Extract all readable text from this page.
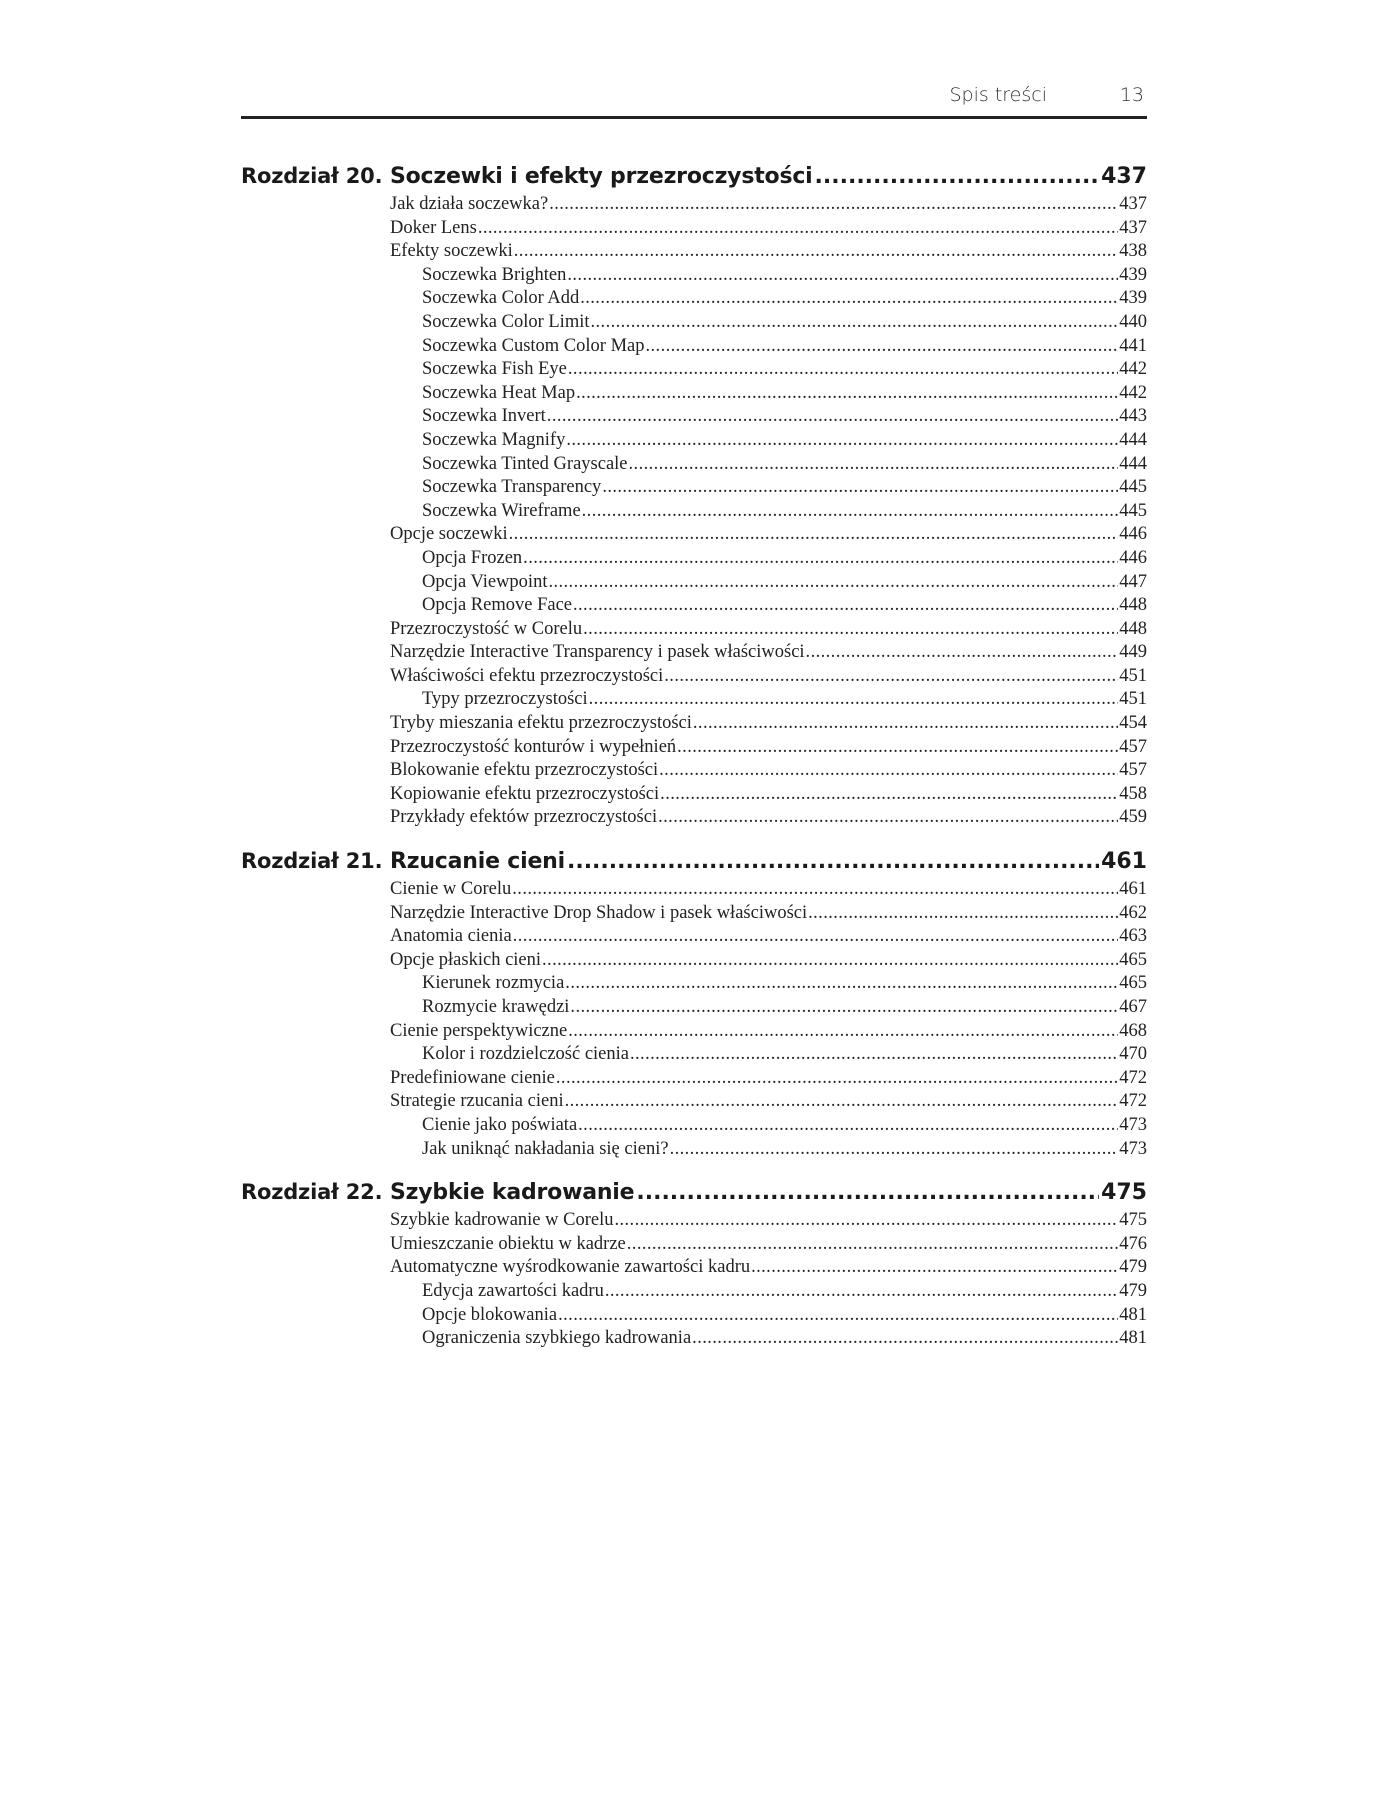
Spis treści	13
Rozdział 20. Soczewki i efekty przezroczystości .....	437
Jak działa soczewka? .....	437
Doker Lens .....	437
Efekty soczewki .....	438
Soczewka Brighten .....	439
Soczewka Color Add .....	439
Soczewka Color Limit .....	440
Soczewka Custom Color Map .....	441
Soczewka Fish Eye .....	442
Soczewka Heat Map .....	442
Soczewka Invert .....	443
Soczewka Magnify .....	444
Soczewka Tinted Grayscale .....	444
Soczewka Transparency .....	445
Soczewka Wireframe .....	445
Opcje soczewki .....	446
Opcja Frozen .....	446
Opcja Viewpoint .....	447
Opcja Remove Face .....	448
Przezroczystość w Corelu .....	448
Narzędzie Interactive Transparency i pasek właściwości .....	449
Właściwości efektu przezroczystości .....	451
Typy przezroczystości .....	451
Tryby mieszania efektu przezroczystości .....	454
Przezroczystość konturów i wypełnień .....	457
Blokowanie efektu przezroczystości .....	457
Kopiowanie efektu przezroczystości .....	458
Przykłady efektów przezroczystości .....	459
Rozdział 21. Rzucanie cieni .....	461
Cienie w Corelu .....	461
Narzędzie Interactive Drop Shadow i pasek właściwości .....	462
Anatomia cienia .....	463
Opcje płaskich cieni .....	465
Kierunek rozmycia .....	465
Rozmycie krawędzi .....	467
Cienie perspektywiczne .....	468
Kolor i rozdzielczość cienia .....	470
Predefiniowane cienie .....	472
Strategie rzucania cieni .....	472
Cienie jako poświata .....	473
Jak uniknąć nakładania się cieni? .....	473
Rozdział 22. Szybkie kadrowanie .....	475
Szybkie kadrowanie w Corelu .....	475
Umieszczanie obiektu w kadrze .....	476
Automatyczne wyśrodkowanie zawartości kadru .....	479
Edycja zawartości kadru .....	479
Opcje blokowania .....	481
Ograniczenia szybkiego kadrowania .....	481
